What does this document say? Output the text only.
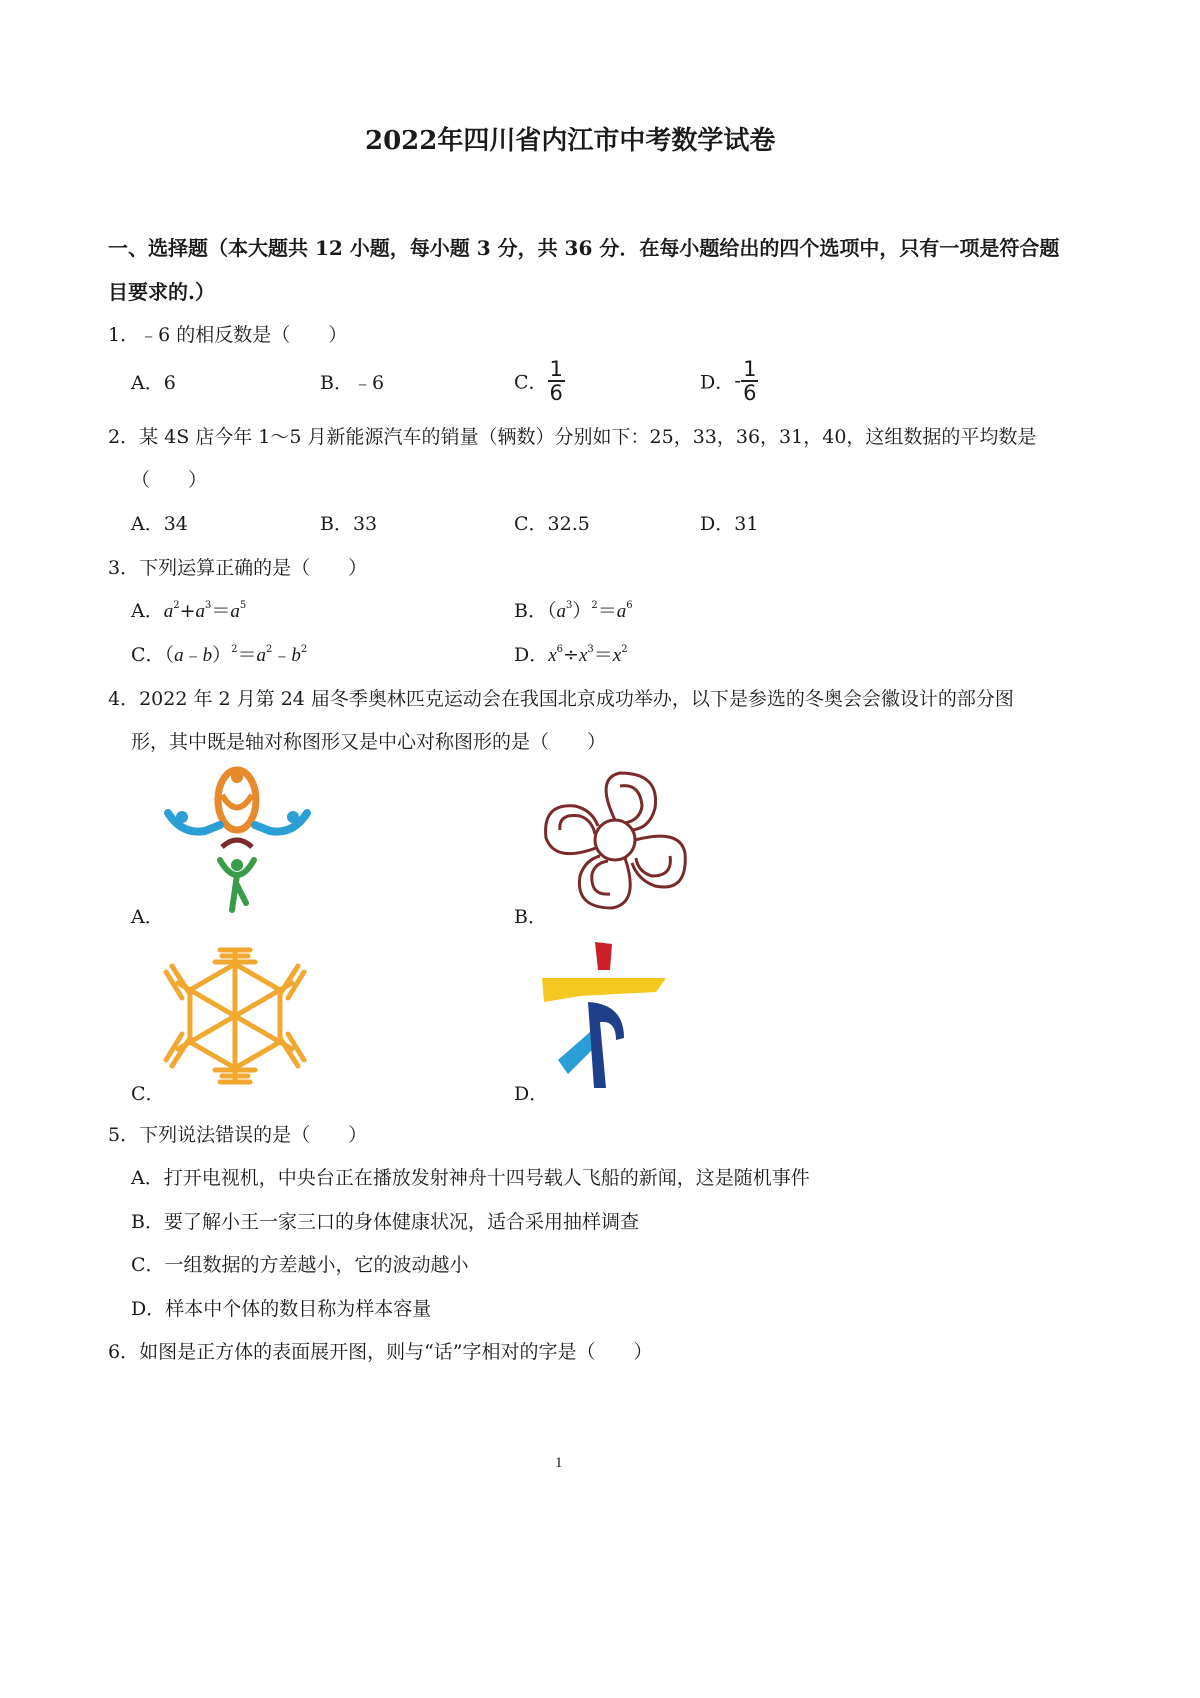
2022年四川省内江市中考数学试卷
一、选择题（本大题共 12 小题，每小题 3 分，共 36 分．在每小题给出的四个选项中，只有一项是符合题
目要求的.）
1．﹣6 的相反数是（　　）
A．6	B．﹣6	C． $\frac{1}{6}$	D．- $\frac{1}{6}$
2．某 4S 店今年 1～5 月新能源汽车的销量（辆数）分别如下：25，33，36，31，40，这组数据的平均数是
（　　）
A．34	B．33	C．32.5	D．31
3．下列运算正确的是（　　）
A．$a^2+a^3=a^5$	B．$(a^3)^2=a^6$
C．$(a﹣b)^2=a^2﹣b^2$	D．$x^6\div x^3=x^2$
4．2022 年 2 月第 24 届冬季奥林匹克运动会在我国北京成功举办，以下是参选的冬奥会会徽设计的部分图
形，其中既是轴对称图形又是中心对称图形的是（　　）
A．	B．
C．	D．
5．下列说法错误的是（　　）
A．打开电视机，中央台正在播放发射神舟十四号载人飞船的新闻，这是随机事件
B．要了解小王一家三口的身体健康状况，适合采用抽样调查
C．一组数据的方差越小，它的波动越小
D．样本中个体的数目称为样本容量
6．如图是正方体的表面展开图，则与“话”字相对的字是（　　）
1
